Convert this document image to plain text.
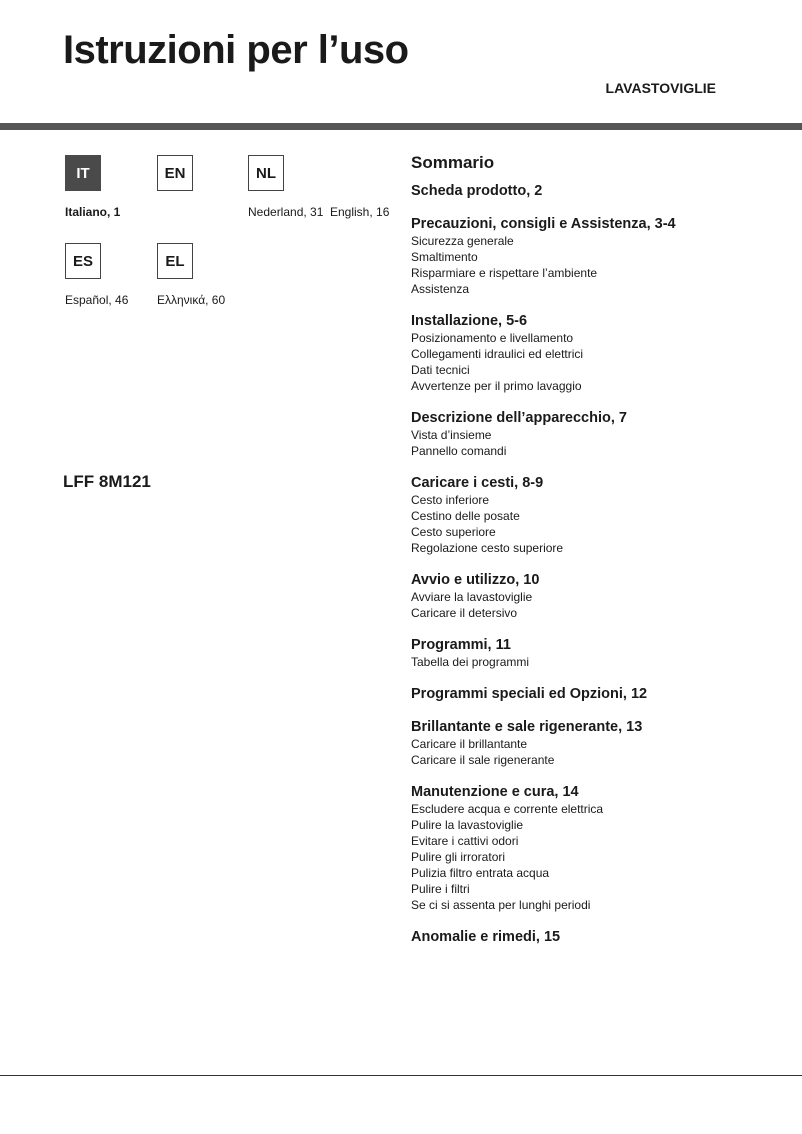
Istruzioni per l’uso
LAVASTOVIGLIE
IT	EN	NL
Italiano, 1	Nederland, 31 English, 16
ES	EL
Español, 46 Ελληνικά, 60
LFF 8M121
Sommario
Scheda prodotto, 2
Precauzioni, consigli e Assistenza, 3-4
Sicurezza generale
Smaltimento
Risparmiare e rispettare l’ambiente
Assistenza
Installazione, 5-6
Posizionamento e livellamento
Collegamenti idraulici ed elettrici
Dati tecnici
Avvertenze per il primo lavaggio
Descrizione dell’apparecchio, 7
Vista d’insieme
Pannello comandi
Caricare i cesti, 8-9
Cesto inferiore
Cestino delle posate
Cesto superiore
Regolazione cesto superiore
Avvio e utilizzo, 10
Avviare la lavastoviglie
Caricare il detersivo
Programmi, 11
Tabella dei programmi
Programmi speciali ed Opzioni, 12
Brillantante e sale rigenerante, 13
Caricare il brillantante
Caricare il sale rigenerante
Manutenzione e cura, 14
Escludere acqua e corrente elettrica
Pulire la lavastoviglie
Evitare i cattivi odori
Pulire gli irroratori
Pulizia filtro entrata acqua
Pulire i filtri
Se ci si assenta per lunghi periodi
Anomalie e rimedi, 15
